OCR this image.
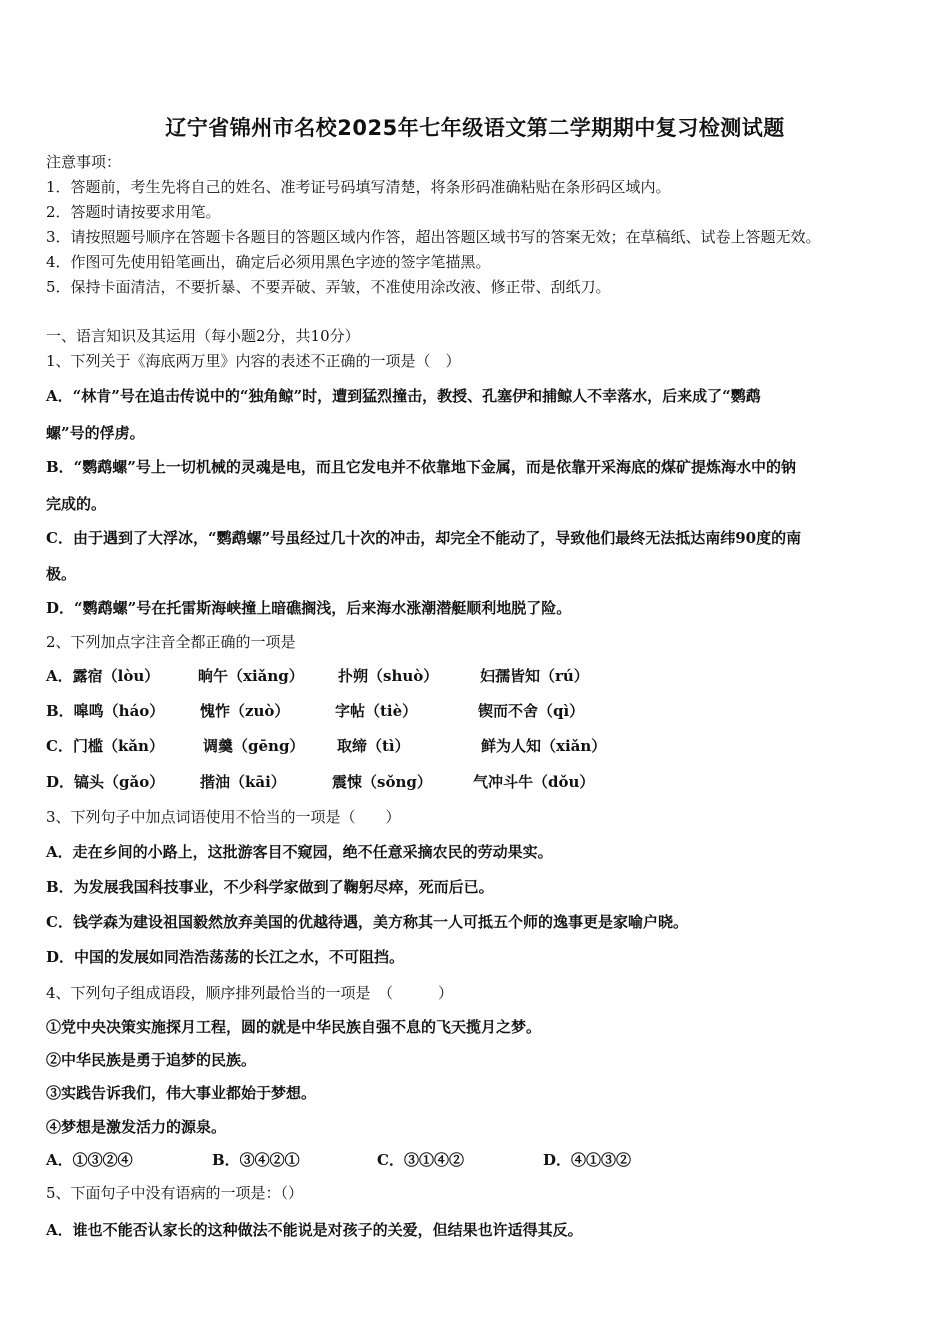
辽宁省锦州市名校2025年七年级语文第二学期期中复习检测试题
注意事项：
1．答题前，考生先将自己的姓名、准考证号码填写清楚，将条形码准确粘贴在条形码区域内。
2．答题时请按要求用笔。
3．请按照题号顺序在答题卡各题目的答题区域内作答，超出答题区域书写的答案无效；在草稿纸、试卷上答题无效。
4．作图可先使用铅笔画出，确定后必须用黑色字迹的签字笔描黑。
5．保持卡面清洁，不要折暴、不要弄破、弄皱，不准使用涂改液、修正带、刮纸刀。
一、语言知识及其运用（每小题2分，共10分）
1、下列关于《海底两万里》内容的表述不正确的一项是（　）
A．“林肯”号在追击传说中的“独角鲸”时，遭到猛烈撞击，教授、孔塞伊和捕鲸人不幸落水，后来成了“鹦鹉
螺”号的俘虏。
B．“鹦鹉螺”号上一切机械的灵魂是电，而且它发电并不依靠地下金属，而是依靠开采海底的煤矿提炼海水中的钠
完成的。
C．由于遇到了大浮冰，“鹦鹉螺”号虽经过几十次的冲击，却完全不能动了，导致他们最终无法抵达南纬90度的南
极。
D．“鹦鹉螺”号在托雷斯海峡撞上暗礁搁浅，后来海水涨潮潜艇顺利地脱了险。
2、下列加点字注音全都正确的一项是
A．露宿（lòu）	晌午（xiǎng） 扑朔（shuò）	妇孺皆知（rú）
B．嗥鸣（háo） 愧怍（zuò）	字帖（tiè）	锲而不舍（qì）
C．门槛（kǎn）	调羹（gēng） 取缔（tì）	鲜为人知（xiǎn）
D．镐头（gǎo） 揩油（kāi）	震悚（sǒng）	气冲斗牛（dǒu）
3、下列句子中加点词语使用不恰当的一项是（　　）
A．走在乡间的小路上，这批游客目不窥园，绝不任意采摘农民的劳动果实。
B．为发展我国科技事业，不少科学家做到了鞠躬尽瘁，死而后已。
C．钱学森为建设祖国毅然放弃美国的优越待遇，美方称其一人可抵五个师的逸事更是家喻户晓。
D．中国的发展如同浩浩荡荡的长江之水，不可阻挡。
4、下列句子组成语段，顺序排列最恰当的一项是　（　　　）
①党中央决策实施探月工程，圆的就是中华民族自强不息的飞天揽月之梦。
②中华民族是勇于追梦的民族。
③实践告诉我们，伟大事业都始于梦想。
④梦想是激发活力的源泉。
A．①③②④	B．③④②①	C．③①④②	D．④①③②
5、下面句子中没有语病的一项是：（）
A．谁也不能否认家长的这种做法不能说是对孩子的关爱，但结果也许适得其反。
